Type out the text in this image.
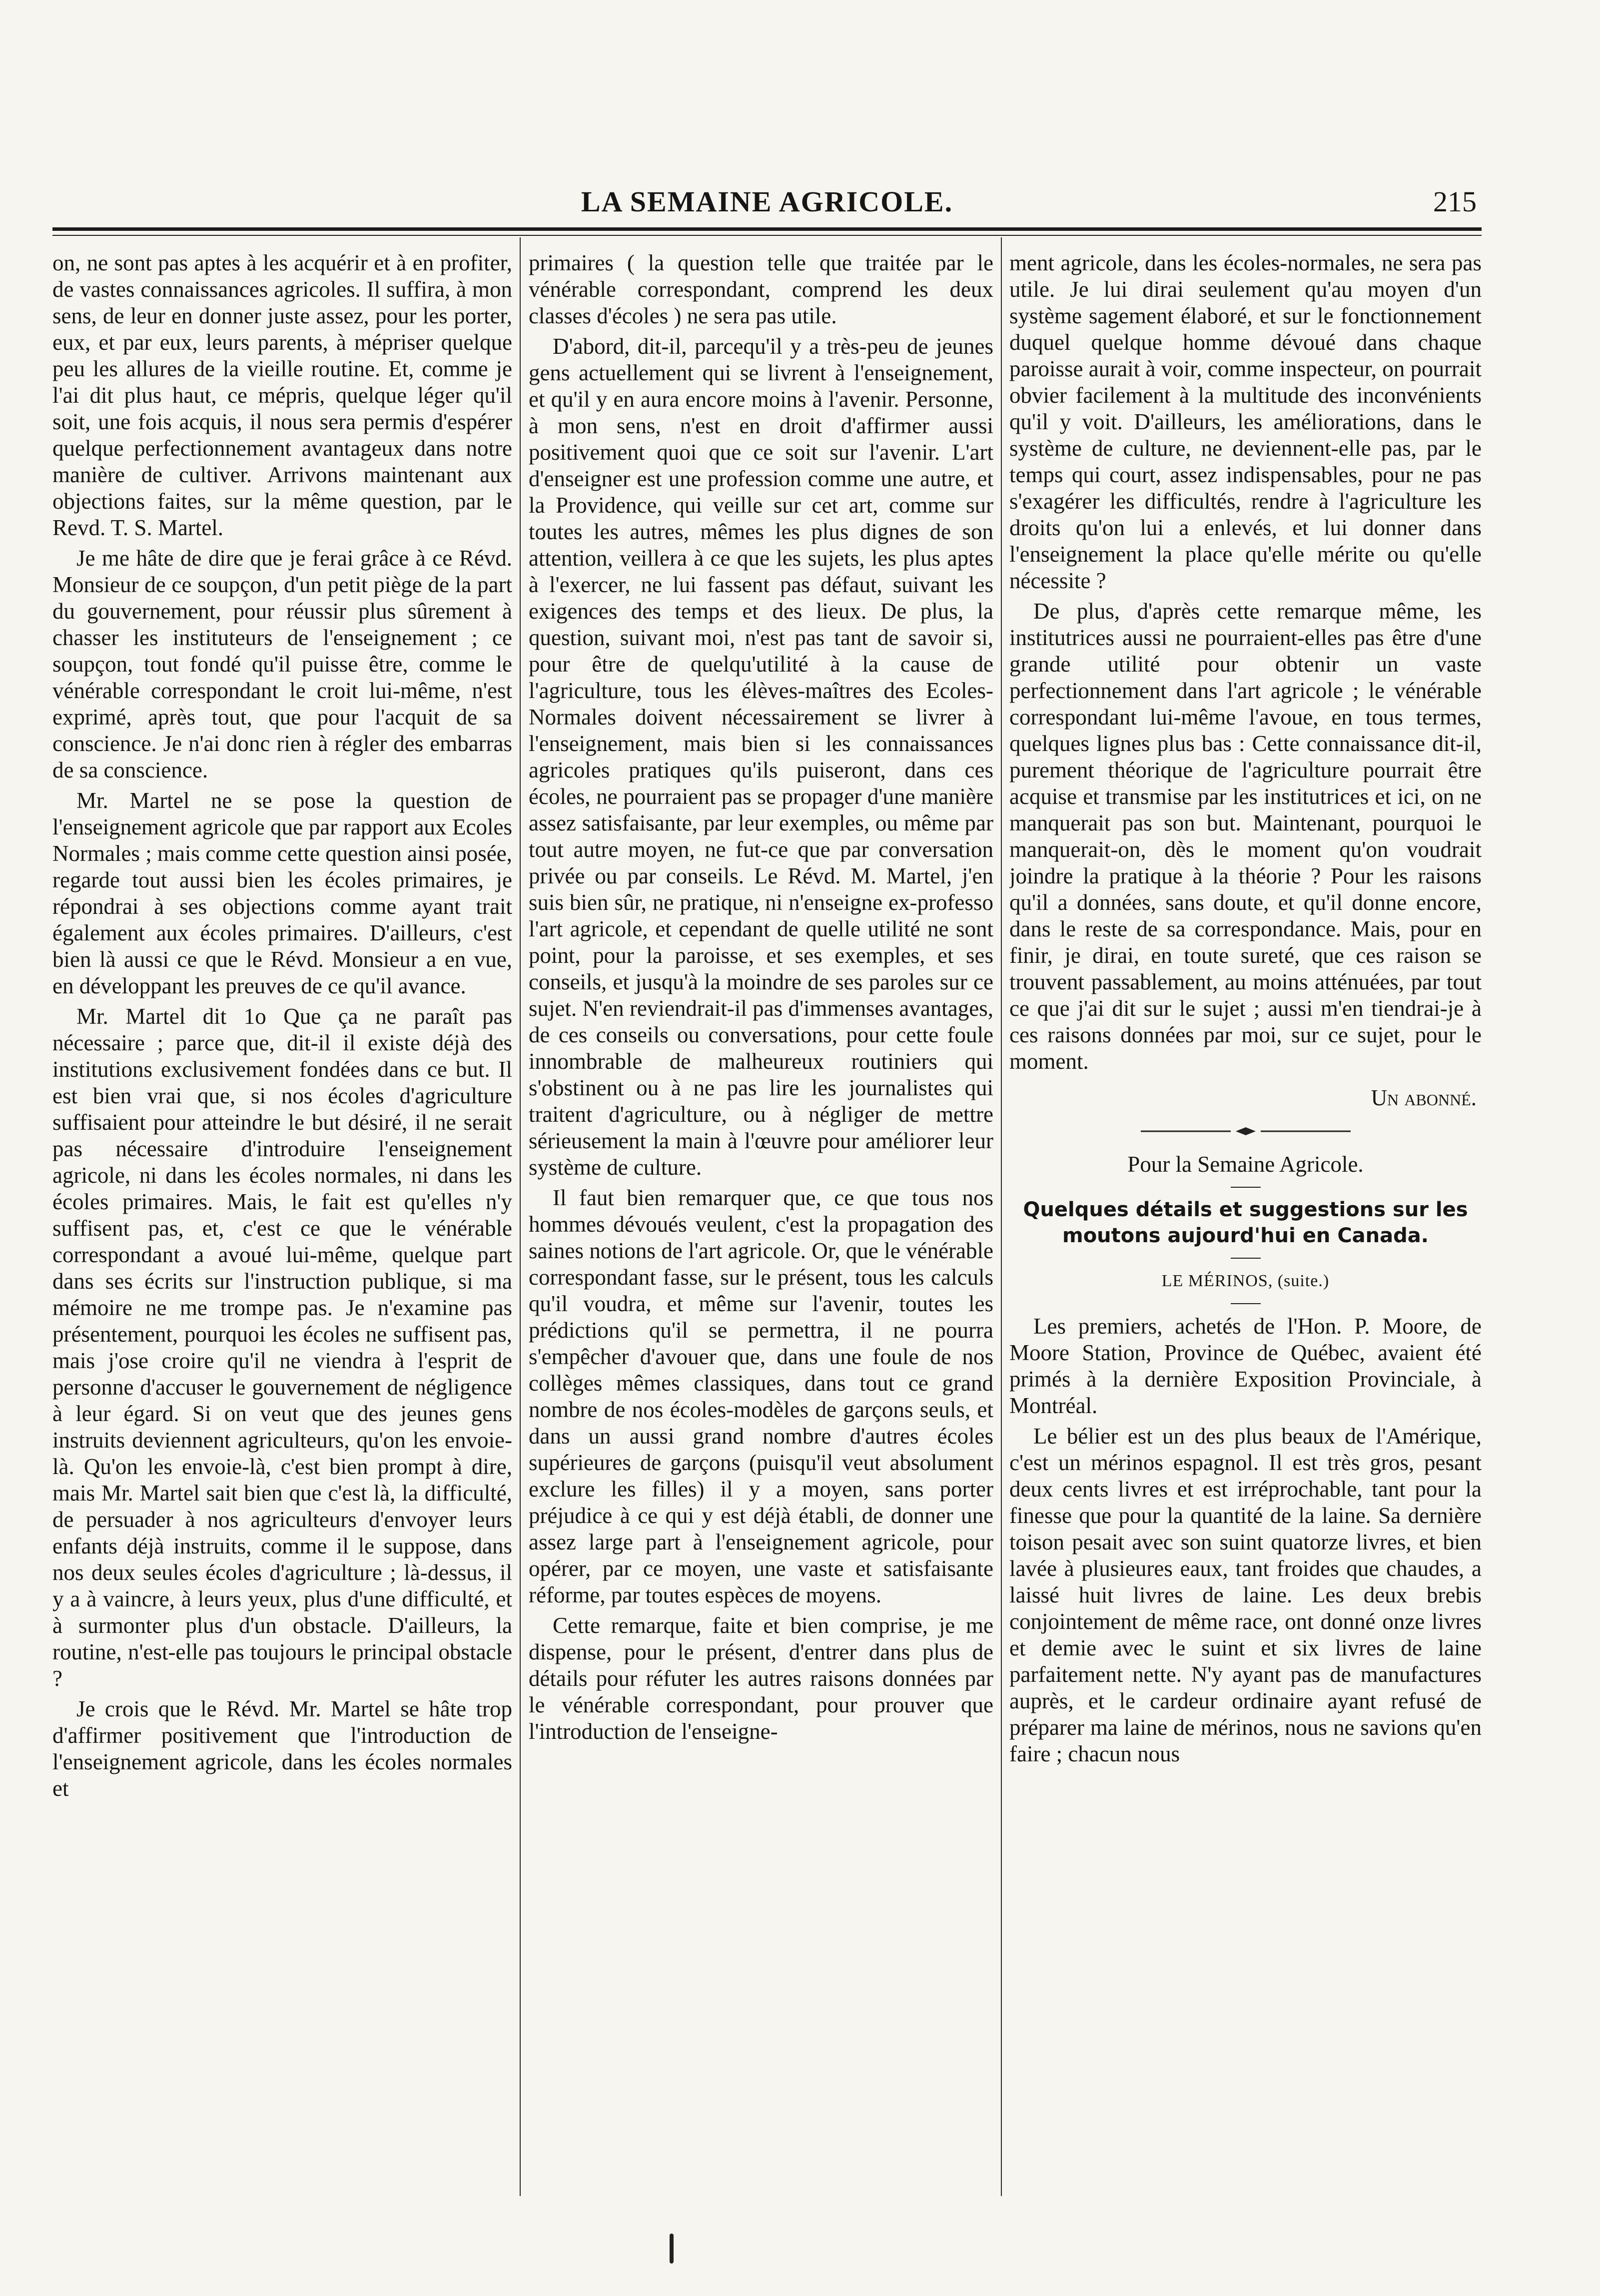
LA SEMAINE AGRICOLE.	215

on, ne sont pas aptes à les acquérir et à en profiter, de vastes connaissances agricoles. Il suffira, à mon sens, de leur en donner juste assez, pour les porter, eux, et par eux, leurs parents, à mépriser quelque peu les allures de la vieille routine. Et, comme je l'ai dit plus haut, ce mépris, quelque léger qu'il soit, une fois acquis, il nous sera permis d'espérer quelque perfectionnement avantageux dans notre manière de cultiver. Arrivons maintenant aux objections faites, sur la même question, par le Revd. T. S. Martel.

Je me hâte de dire que je ferai grâce à ce Révd. Monsieur de ce soupçon, d'un petit piège de la part du gouvernement, pour réussir plus sûrement à chasser les instituteurs de l'enseignement ; ce soupçon, tout fondé qu'il puisse être, comme le vénérable correspondant le croit lui-même, n'est exprimé, après tout, que pour l'acquit de sa conscience. Je n'ai donc rien à régler des embarras de sa conscience.

Mr. Martel ne se pose la question de l'enseignement agricole que par rapport aux Ecoles Normales ; mais comme cette question ainsi posée, regarde tout aussi bien les écoles primaires, je répondrai à ses objections comme ayant trait également aux écoles primaires. D'ailleurs, c'est bien là aussi ce que le Révd. Monsieur a en vue, en développant les preuves de ce qu'il avance.

Mr. Martel dit 1o Que ça ne paraît pas nécessaire ; parce que, dit-il il existe déjà des institutions exclusivement fondées dans ce but. Il est bien vrai que, si nos écoles d'agriculture suffisaient pour atteindre le but désiré, il ne serait pas nécessaire d'introduire l'enseignement agricole, ni dans les écoles normales, ni dans les écoles primaires. Mais, le fait est qu'elles n'y suffisent pas, et, c'est ce que le vénérable correspondant a avoué lui-même, quelque part dans ses écrits sur l'instruction publique, si ma mémoire ne me trompe pas. Je n'examine pas présentement, pourquoi les écoles ne suffisent pas, mais j'ose croire qu'il ne viendra à l'esprit de personne d'accuser le gouvernement de négligence à leur égard. Si on veut que des jeunes gens instruits deviennent agriculteurs, qu'on les envoie-là. Qu'on les envoie-là, c'est bien prompt à dire, mais Mr. Martel sait bien que c'est là, la difficulté, de persuader à nos agriculteurs d'envoyer leurs enfants déjà instruits, comme il le suppose, dans nos deux seules écoles d'agriculture ; là-dessus, il y a à vaincre, à leurs yeux, plus d'une difficulté, et à surmonter plus d'un obstacle. D'ailleurs, la routine, n'est-elle pas toujours le principal obstacle ?

Je crois que le Révd. Mr. Martel se hâte trop d'affirmer positivement que l'introduction de l'enseignement agricole, dans les écoles normales et

primaires ( la question telle que traitée par le vénérable correspondant, comprend les deux classes d'écoles ) ne sera pas utile.

D'abord, dit-il, parcequ'il y a très-peu de jeunes gens actuellement qui se livrent à l'enseignement, et qu'il y en aura encore moins à l'avenir. Personne, à mon sens, n'est en droit d'affirmer aussi positivement quoi que ce soit sur l'avenir. L'art d'enseigner est une profession comme une autre, et la Providence, qui veille sur cet art, comme sur toutes les autres, mêmes les plus dignes de son attention, veillera à ce que les sujets, les plus aptes à l'exercer, ne lui fassent pas défaut, suivant les exigences des temps et des lieux. De plus, la question, suivant moi, n'est pas tant de savoir si, pour être de quelqu'utilité à la cause de l'agriculture, tous les élèves-maîtres des Ecoles-Normales doivent nécessairement se livrer à l'enseignement, mais bien si les connaissances agricoles pratiques qu'ils puiseront, dans ces écoles, ne pourraient pas se propager d'une manière assez satisfaisante, par leur exemples, ou même par tout autre moyen, ne fut-ce que par conversation privée ou par conseils. Le Révd. M. Martel, j'en suis bien sûr, ne pratique, ni n'enseigne ex-professo l'art agricole, et cependant de quelle utilité ne sont point, pour la paroisse, et ses exemples, et ses conseils, et jusqu'à la moindre de ses paroles sur ce sujet. N'en reviendrait-il pas d'immenses avantages, de ces conseils ou conversations, pour cette foule innombrable de malheureux routiniers qui s'obstinent ou à ne pas lire les journalistes qui traitent d'agriculture, ou à négliger de mettre sérieusement la main à l'œuvre pour améliorer leur système de culture.

Il faut bien remarquer que, ce que tous nos hommes dévoués veulent, c'est la propagation des saines notions de l'art agricole. Or, que le vénérable correspondant fasse, sur le présent, tous les calculs qu'il voudra, et même sur l'avenir, toutes les prédictions qu'il se permettra, il ne pourra s'empêcher d'avouer que, dans une foule de nos collèges mêmes classiques, dans tout ce grand nombre de nos écoles-modèles de garçons seuls, et dans un aussi grand nombre d'autres écoles supérieures de garçons (puisqu'il veut absolument exclure les filles) il y a moyen, sans porter préjudice à ce qui y est déjà établi, de donner une assez large part à l'enseignement agricole, pour opérer, par ce moyen, une vaste et satisfaisante réforme, par toutes espèces de moyens.

Cette remarque, faite et bien comprise, je me dispense, pour le présent, d'entrer dans plus de détails pour réfuter les autres raisons données par le vénérable correspondant, pour prouver que l'introduction de l'enseigne-

ment agricole, dans les écoles-normales, ne sera pas utile. Je lui dirai seulement qu'au moyen d'un système sagement élaboré, et sur le fonctionnement duquel quelque homme dévoué dans chaque paroisse aurait à voir, comme inspecteur, on pourrait obvier facilement à la multitude des inconvénients qu'il y voit. D'ailleurs, les améliorations, dans le système de culture, ne deviennent-elle pas, par le temps qui court, assez indispensables, pour ne pas s'exagérer les difficultés, rendre à l'agriculture les droits qu'on lui a enlevés, et lui donner dans l'enseignement la place qu'elle mérite ou qu'elle nécessite ?

De plus, d'après cette remarque même, les institutrices aussi ne pourraient-elles pas être d'une grande utilité pour obtenir un vaste perfectionnement dans l'art agricole ; le vénérable correspondant lui-même l'avoue, en tous termes, quelques lignes plus bas : Cette connaissance dit-il, purement théorique de l'agriculture pourrait être acquise et transmise par les institutrices et ici, on ne manquerait pas son but. Maintenant, pourquoi le manquerait-on, dès le moment qu'on voudrait joindre la pratique à la théorie ? Pour les raisons qu'il a données, sans doute, et qu'il donne encore, dans le reste de sa correspondance. Mais, pour en finir, je dirai, en toute sureté, que ces raison se trouvent passablement, au moins atténuées, par tout ce que j'ai dit sur le sujet ; aussi m'en tiendrai-je à ces raisons données par moi, sur ce sujet, pour le moment.

Un abonné.

Pour la Semaine Agricole.

Quelques détails et suggestions sur les moutons aujourd'hui en Canada.
LE MÉRINOS, (suite.)

Les premiers, achetés de l'Hon. P. Moore, de Moore Station, Province de Québec, avaient été primés à la dernière Exposition Provinciale, à Montréal.

Le bélier est un des plus beaux de l'Amérique, c'est un mérinos espagnol. Il est très gros, pesant deux cents livres et est irréprochable, tant pour la finesse que pour la quantité de la laine. Sa dernière toison pesait avec son suint quatorze livres, et bien lavée à plusieures eaux, tant froides que chaudes, a laissé huit livres de laine. Les deux brebis conjointement de même race, ont donné onze livres et demie avec le suint et six livres de laine parfaitement nette. N'y ayant pas de manufactures auprès, et le cardeur ordinaire ayant refusé de préparer ma laine de mérinos, nous ne savions qu'en faire ; chacun nous
